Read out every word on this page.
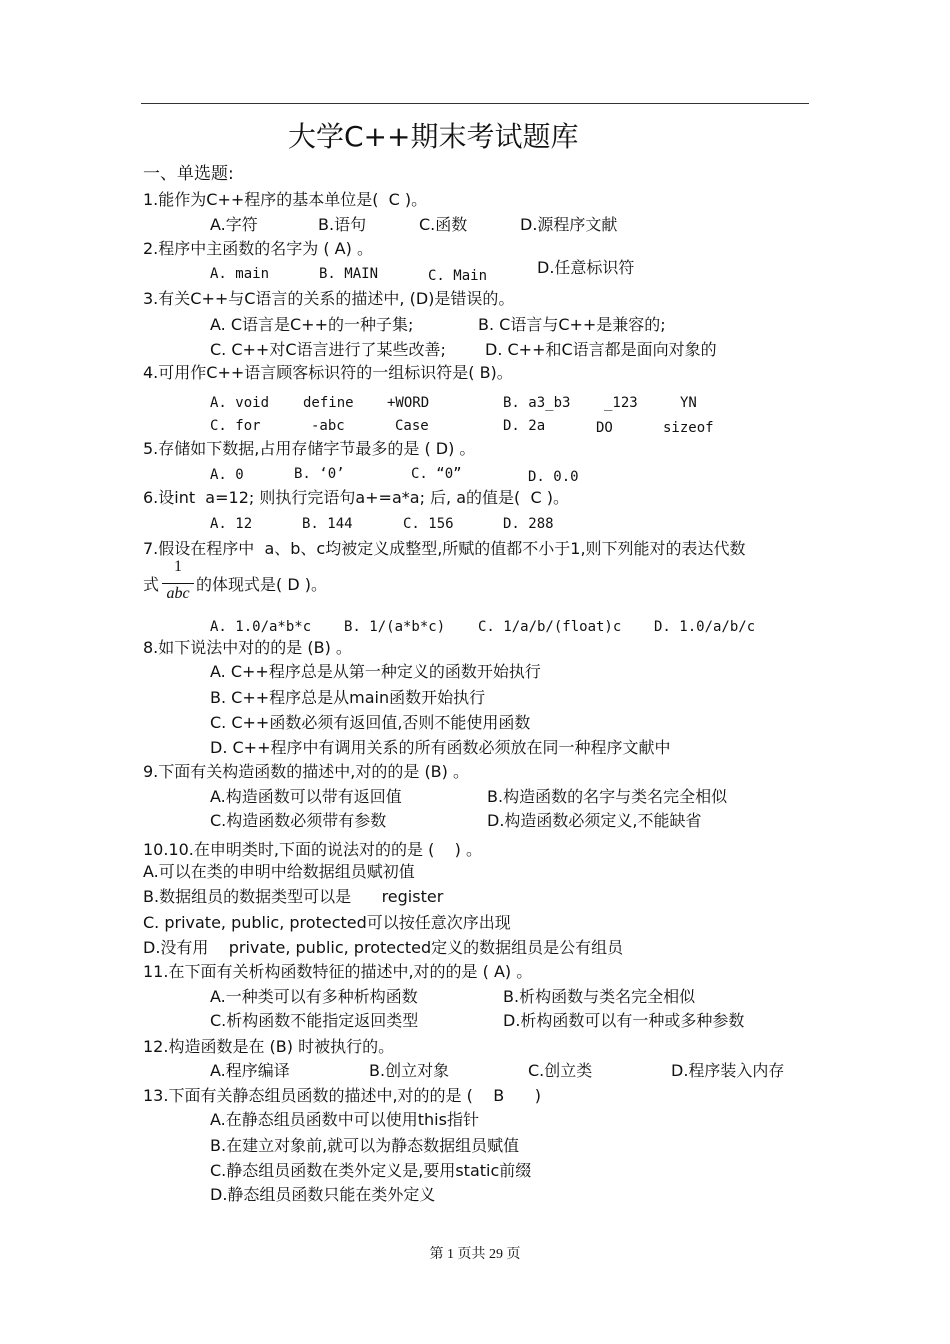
大学C++期末考试题库
一、单选题:
1.能作为C++程序的基本单位是(  C )。
A.字符	B.语句	C.函数	D.源程序文献
2.程序中主函数的名字为 ( A) 。
A. main	B. MAIN	C. Main	D.任意标识符
3.有关C++与C语言的关系的描述中, (D)是错误的。
A. C语言是C++的一种子集;	B. C语言与C++是兼容的;
C. C++对C语言进行了某些改善; D. C++和C语言都是面向对象的
4.可用作C++语言顾客标识符的一组标识符是( B)。
A. void define +WORD	B. a3_b3 _123	YN
C. for	-abc	Case	D. 2a	DO	sizeof
5.存储如下数据,占用存储字节最多的是 ( D) 。
A. 0	B. ‘0’	C. “0”	D. 0.0
6.设int  a=12; 则执行完语句a+=a*a; 后, a的值是(  C )。
A. 12	B. 144	C. 156	D. 288
7.假设在程序中  a、b、c均被定义成整型,所赋的值都不小于1,则下列能对的表达代数
式
1
abc 的体现式是( D )。
A. 1.0/a*b*c B. 1/(a*b*c) C. 1/a/b/(float)c D. 1.0/a/b/c
8.如下说法中对的的是 (B) 。
A. C++程序总是从第一种定义的函数开始执行
B. C++程序总是从main函数开始执行
C. C++函数必须有返回值,否则不能使用函数
D. C++程序中有调用关系的所有函数必须放在同一种程序文献中
9.下面有关构造函数的描述中,对的的是 (B) 。
A.构造函数可以带有返回值	B.构造函数的名字与类名完全相似
C.构造函数必须带有参数	D.构造函数必须定义,不能缺省
10.10.在申明类时,下面的说法对的的是 (    ) 。
A.可以在类的申明中给数据组员赋初值
B.数据组员的数据类型可以是      register
C. private, public, protected可以按任意次序出现
D.没有用    private, public, protected定义的数据组员是公有组员
11.在下面有关析构函数特征的描述中,对的的是 ( A) 。
A.一种类可以有多种析构函数	B.析构函数与类名完全相似
C.析构函数不能指定返回类型	D.析构函数可以有一种或多种参数
12.构造函数是在 (B) 时被执行的。
A.程序编译	B.创立对象	C.创立类	D.程序装入内存
13.下面有关静态组员函数的描述中,对的的是 (    B      )
A.在静态组员函数中可以使用this指针
B.在建立对象前,就可以为静态数据组员赋值
C.静态组员函数在类外定义是,要用static前缀
D.静态组员函数只能在类外定义
第 1 页共 29 页
